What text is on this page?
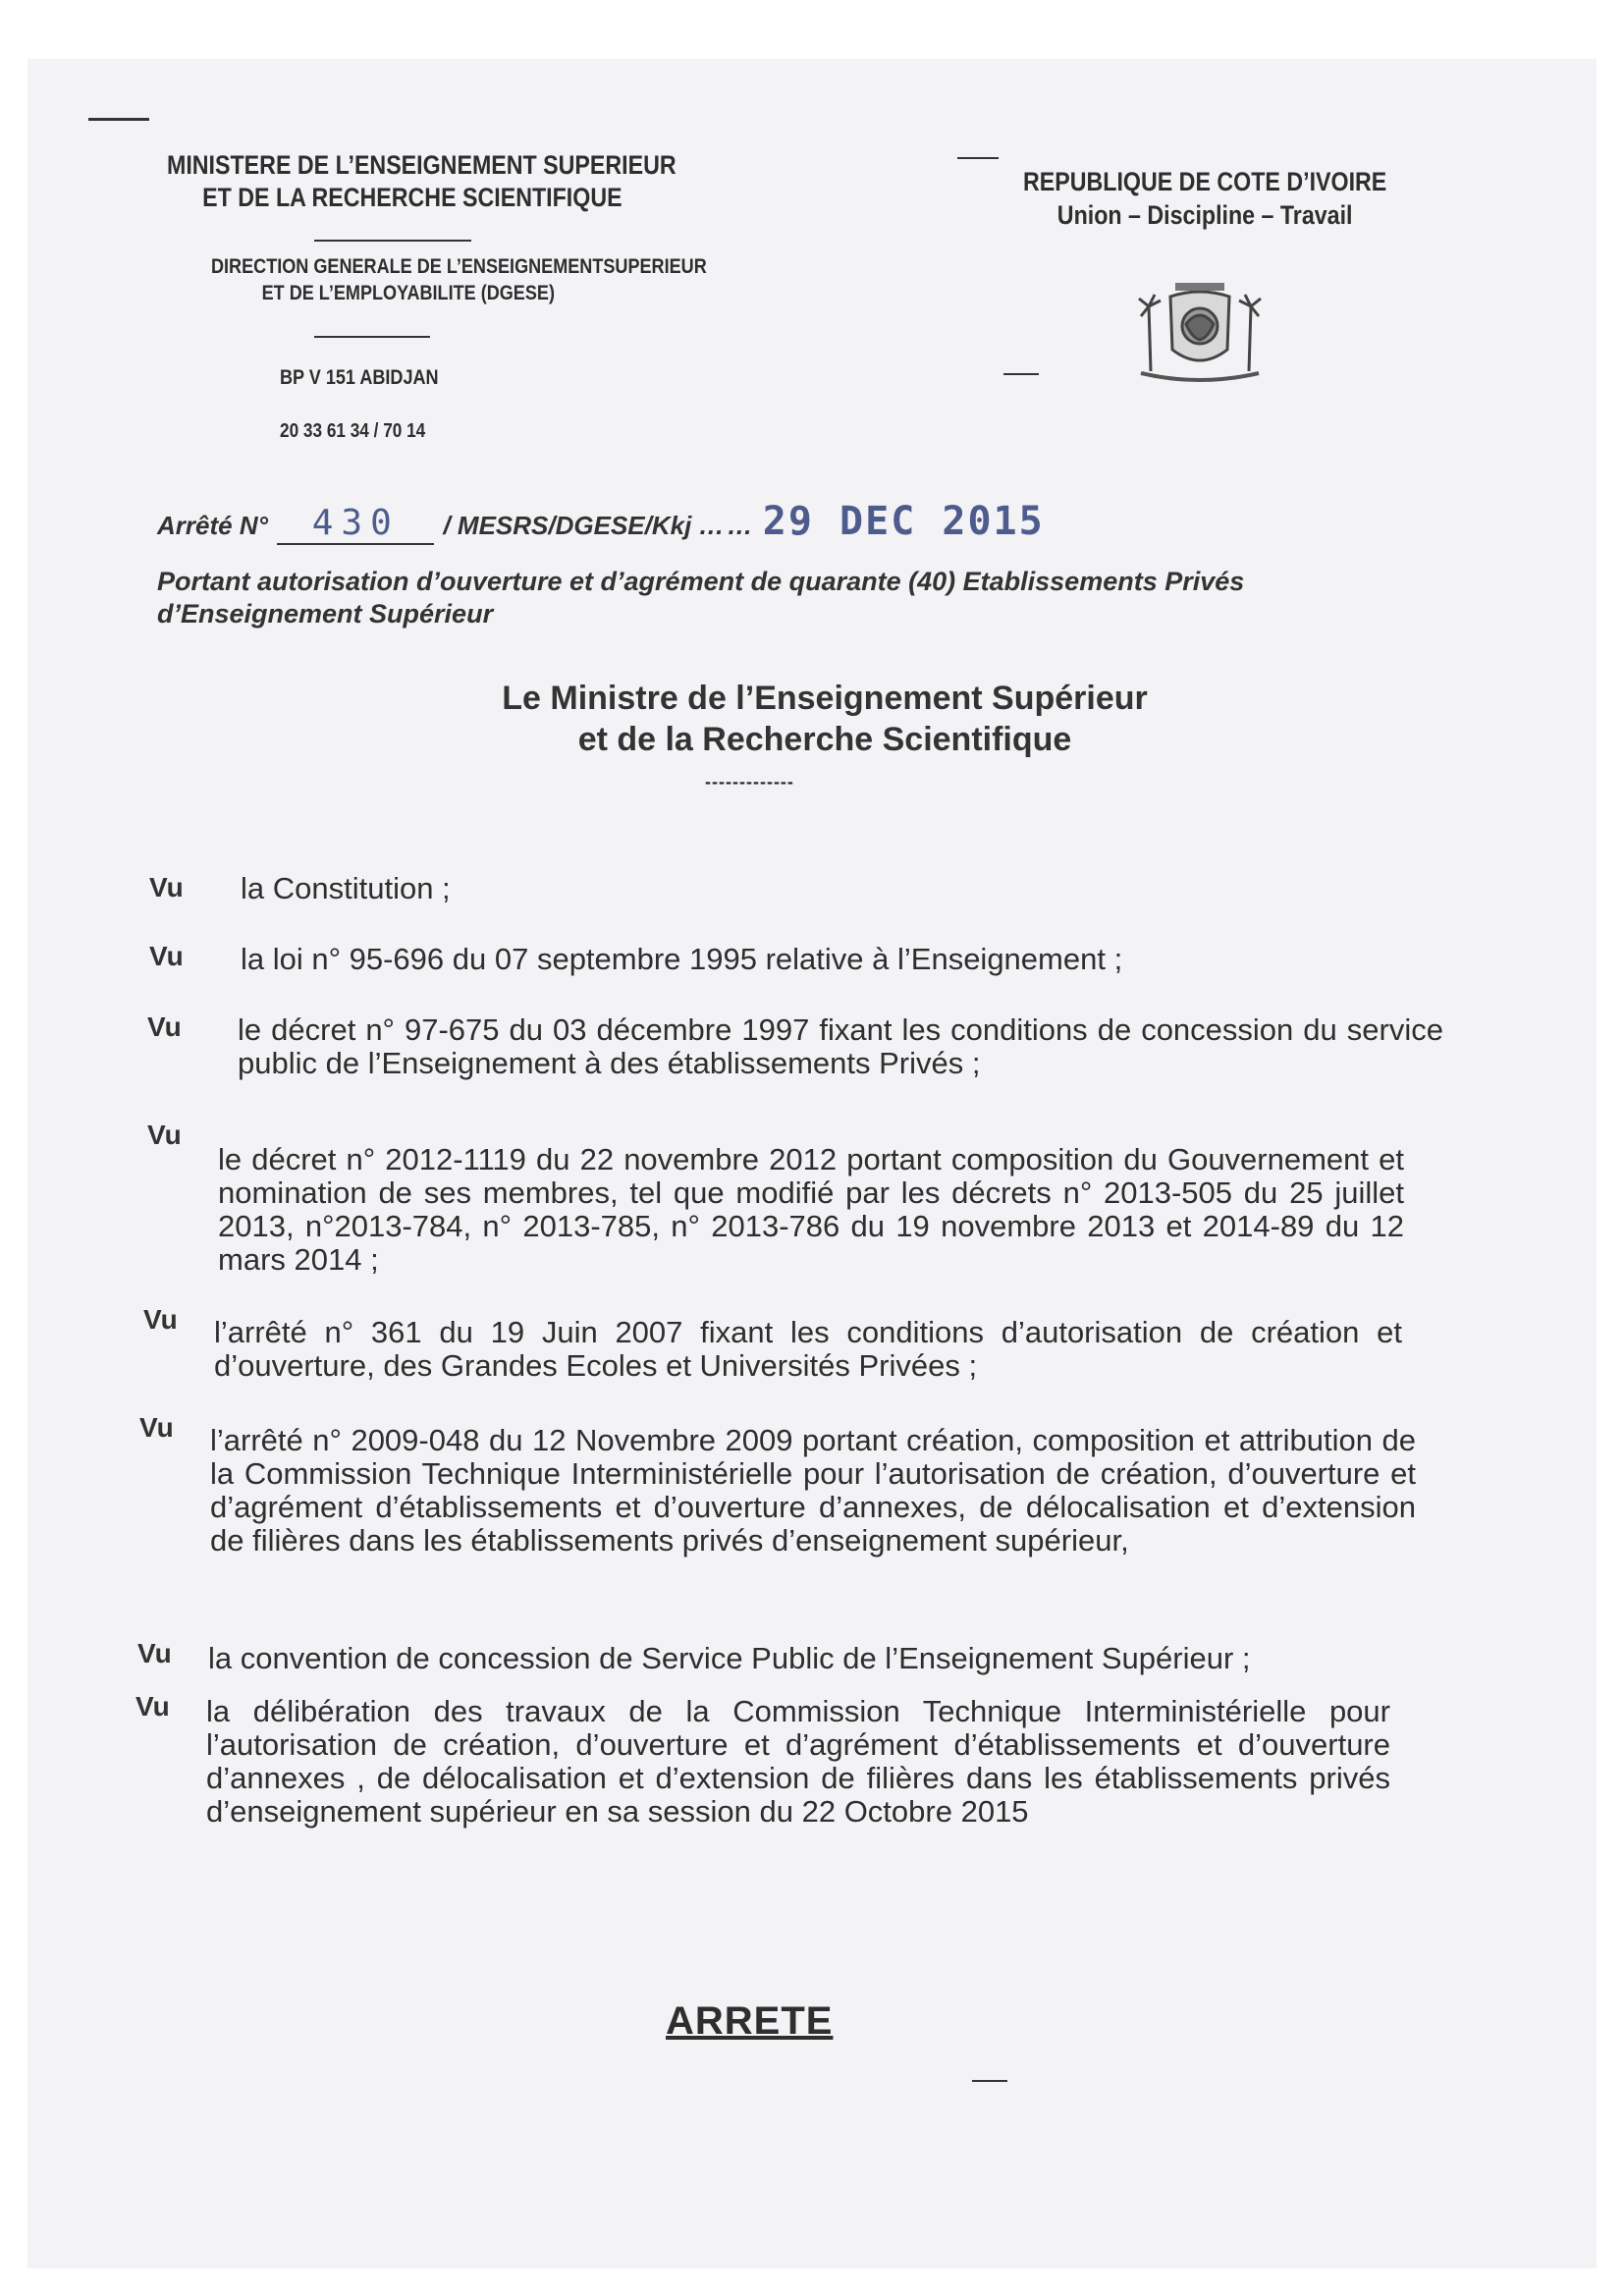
MINISTERE DE L’ENSEIGNEMENT SUPERIEUR
ET DE LA RECHERCHE SCIENTIFIQUE
DIRECTION GENERALE DE L’ENSEIGNEMENTSUPERIEUR
ET DE L’EMPLOYABILITE (DGESE)
BP V 151 ABIDJAN
20 33 61 34 / 70 14
REPUBLIQUE DE COTE D’IVOIRE
Union – Discipline – Travail
Arrêté N° 430 / MESRS/DGESE/Kkj …… 29 DEC 2015
Portant autorisation d’ouverture et d’agrément de quarante (40) Etablissements Privés d’Enseignement Supérieur
Le Ministre de l’Enseignement Supérieur
et de la Recherche Scientifique
-------------
Vu la Constitution ;
Vu la loi n° 95-696 du 07 septembre 1995 relative à l’Enseignement ;
Vu le décret n° 97-675 du 03 décembre 1997 fixant les conditions de concession du service public de l’Enseignement à des établissements Privés ;
Vu
le décret n° 2012-1119 du 22 novembre 2012 portant composition du Gouvernement et nomination de ses membres, tel que modifié par les décrets n° 2013-505 du 25 juillet 2013, n°2013-784, n° 2013-785, n° 2013-786 du 19 novembre 2013 et 2014-89 du 12 mars 2014 ;
Vu l’arrêté n° 361 du 19 Juin 2007 fixant les conditions d’autorisation de création et d’ouverture, des Grandes Ecoles et Universités Privées ;
Vu l’arrêté n° 2009-048 du 12 Novembre 2009 portant création, composition et attribution de la Commission Technique Interministérielle pour l’autorisation de création, d’ouverture et d’agrément d’établissements et d’ouverture d’annexes, de délocalisation et d’extension de filières dans les établissements privés d’enseignement supérieur,
Vu la convention de concession de Service Public de l’Enseignement Supérieur ;
Vu la délibération des travaux de la Commission Technique Interministérielle pour l’autorisation de création, d’ouverture et d’agrément d’établissements et d’ouverture d’annexes , de délocalisation et d’extension de filières dans les établissements privés d’enseignement supérieur en sa session du 22 Octobre 2015
ARRETE
